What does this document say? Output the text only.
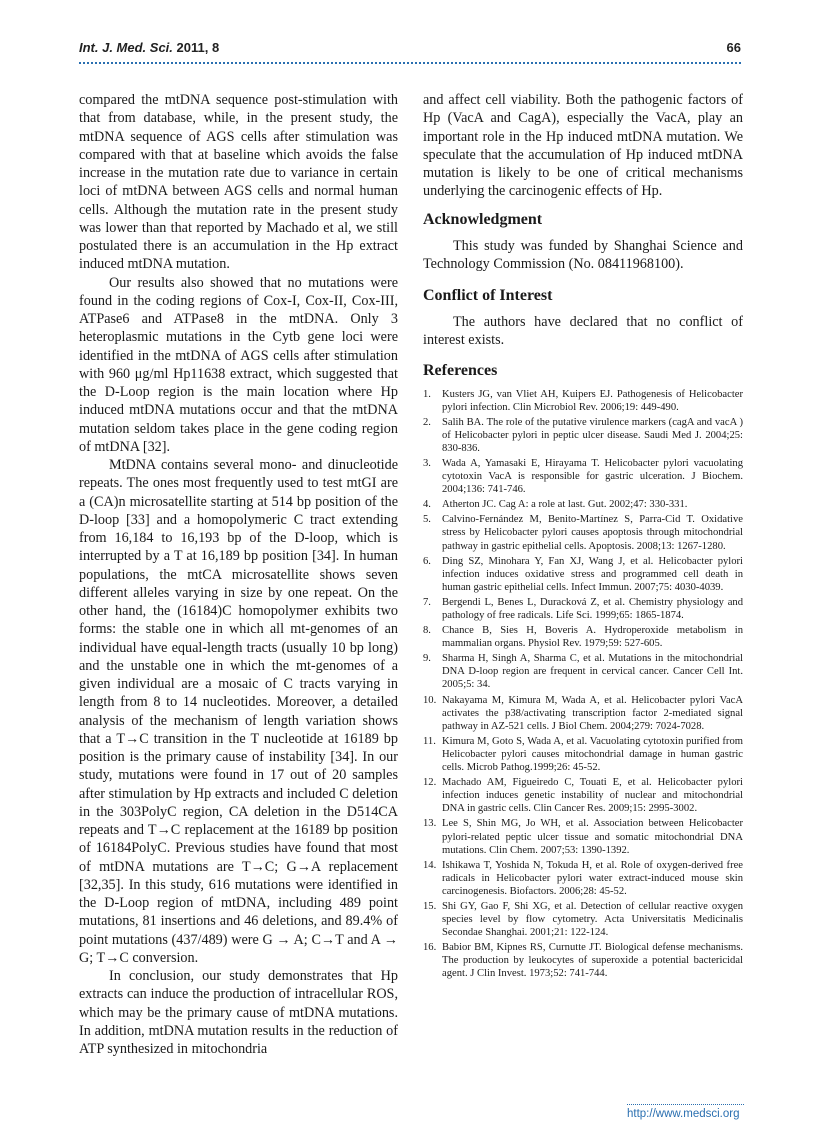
Int. J. Med. Sci. 2011, 8	66

compared the mtDNA sequence post-stimulation with that from database, while, in the present study, the mtDNA sequence of AGS cells after stimulation was compared with that at baseline which avoids the false increase in the mutation rate due to variance in certain loci of mtDNA between AGS cells and normal human cells. Although the mutation rate in the present study was lower than that reported by Machado et al, we still postulated there is an accumulation in the Hp extract induced mtDNA mutation.

Our results also showed that no mutations were found in the coding regions of Cox-I, Cox-II, Cox-III, ATPase6 and ATPase8 in the mtDNA. Only 3 heteroplasmic mutations in the Cytb gene loci were identified in the mtDNA of AGS cells after stimulation with 960 μg/ml Hp11638 extract, which suggested that the D-Loop region is the main location where Hp induced mtDNA mutations occur and that the mtDNA mutation seldom takes place in the gene coding region of mtDNA [32].

MtDNA contains several mono- and dinucleotide repeats. The ones most frequently used to test mtGI are a (CA)n microsatellite starting at 514 bp position of the D-loop [33] and a homopolymeric C tract extending from 16,184 to 16,193 bp of the D-loop, which is interrupted by a T at 16,189 bp position [34]. In human populations, the mtCA microsatellite shows seven different alleles varying in size by one repeat. On the other hand, the (16184)C homopolymer exhibits two forms: the stable one in which all mt-genomes of an individual have equal-length tracts (usually 10 bp long) and the unstable one in which the mt-genomes of a given individual are a mosaic of C tracts varying in length from 8 to 14 nucleotides. Moreover, a detailed analysis of the mechanism of length variation shows that a T→C transition in the T nucleotide at 16189 bp position is the primary cause of instability [34]. In our study, mutations were found in 17 out of 20 samples after stimulation by Hp extracts and included C deletion in the 303PolyC region, CA deletion in the D514CA repeats and T→C replacement at the 16189 bp position of 16184PolyC. Previous studies have found that most of mtDNA mutations are T→C; G→A replacement [32,35]. In this study, 616 mutations were identified in the D-Loop region of mtDNA, including 489 point mutations, 81 insertions and 46 deletions, and 89.4% of point mutations (437/489) were G → A; C→T and A → G; T→C conversion.

In conclusion, our study demonstrates that Hp extracts can induce the production of intracellular ROS, which may be the primary cause of mtDNA mutations. In addition, mtDNA mutation results in the reduction of ATP synthesized in mitochondria

and affect cell viability. Both the pathogenic factors of Hp (VacA and CagA), especially the VacA, play an important role in the Hp induced mtDNA mutation. We speculate that the accumulation of Hp induced mtDNA mutation is likely to be one of critical mechanisms underlying the carcinogenic effects of Hp.

Acknowledgment

This study was funded by Shanghai Science and Technology Commission (No. 08411968100).

Conflict of Interest

The authors have declared that no conflict of interest exists.

References
1.	Kusters JG, van Vliet AH, Kuipers EJ. Pathogenesis of Helicobacter pylori infection. Clin Microbiol Rev. 2006;19: 449-490.
2.	Salih BA. The role of the putative virulence markers (cagA and vacA ) of Helicobacter pylori in peptic ulcer disease. Saudi Med J. 2004;25: 830-836.
3.	Wada A, Yamasaki E, Hirayama T. Helicobacter pylori vacuolating cytotoxin VacA is responsible for gastric ulceration. J Biochem. 2004;136: 741-746.
4.	Atherton JC. Cag A: a role at last. Gut. 2002;47: 330-331.
5.	Calvino-Fernández M, Benito-Martínez S, Parra-Cid T. Oxidative stress by Helicobacter pylori causes apoptosis through mitochondrial pathway in gastric epithelial cells. Apoptosis. 2008;13: 1267-1280.
6.	Ding SZ, Minohara Y, Fan XJ, Wang J, et al. Helicobacter pylori infection induces oxidative stress and programmed cell death in human gastric epithelial cells. Infect Immun. 2007;75: 4030-4039.
7.	Bergendi L, Benes L, Duracková Z, et al. Chemistry physiology and pathology of free radicals. Life Sci. 1999;65: 1865-1874.
8.	Chance B, Sies H, Boveris A. Hydroperoxide metabolism in mammalian organs. Physiol Rev. 1979;59: 527-605.
9.	Sharma H, Singh A, Sharma C, et al. Mutations in the mitochondrial DNA D-loop region are frequent in cervical cancer. Cancer Cell Int. 2005;5: 34.
10. Nakayama M, Kimura M, Wada A, et al. Helicobacter pylori VacA activates the p38/activating transcription factor 2-mediated signal pathway in AZ-521 cells. J Biol Chem. 2004;279: 7024-7028.
11. Kimura M, Goto S, Wada A, et al. Vacuolating cytotoxin purified from Helicobacter pylori causes mitochondrial damage in human gastric cells. Microb Pathog.1999;26: 45-52.
12. Machado AM, Figueiredo C, Touati E, et al. Helicobacter pylori infection induces genetic instability of nuclear and mitochondrial DNA in gastric cells. Clin Cancer Res. 2009;15: 2995-3002.
13. Lee S, Shin MG, Jo WH, et al. Association between Helicobacter pylori-related peptic ulcer tissue and somatic mitochondrial DNA mutations. Clin Chem. 2007;53: 1390-1392.
14. Ishikawa T, Yoshida N, Tokuda H, et al. Role of oxygen-derived free radicals in Helicobacter pylori water extract-induced mouse skin carcinogenesis. Biofactors. 2006;28: 45-52.
15. Shi GY, Gao F, Shi XG, et al. Detection of cellular reactive oxygen species level by flow cytometry. Acta Universitatis Medicinalis Secondae Shanghai. 2001;21: 122-124.
16. Babior BM, Kipnes RS, Curnutte JT. Biological defense mechanisms. The production by leukocytes of superoxide a potential bactericidal agent. J Clin Invest. 1973;52: 741-744.
http://www.medsci.org
